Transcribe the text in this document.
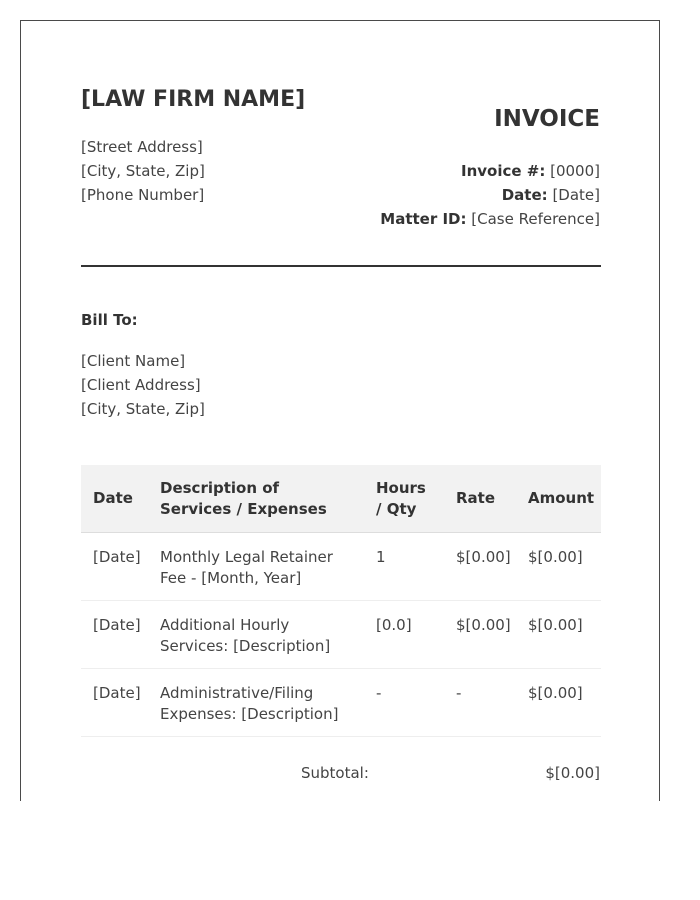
[LAW FIRM NAME]
[Street Address]
[City, State, Zip]
[Phone Number]
INVOICE
Invoice #: [0000]
Date: [Date]
Matter ID: [Case Reference]
Bill To:
[Client Name]
[Client Address]
[City, State, Zip]
Date	Description of Services / Expenses	Hours / Qty	Rate	Amount
[Date]	Monthly Legal Retainer Fee - [Month, Year]	1	$[0.00]	$[0.00]
[Date]	Additional Hourly Services: [Description]	[0.0]	$[0.00]	$[0.00]
[Date]	Administrative/Filing Expenses: [Description]	-	-	$[0.00]
Subtotal:	$[0.00]
